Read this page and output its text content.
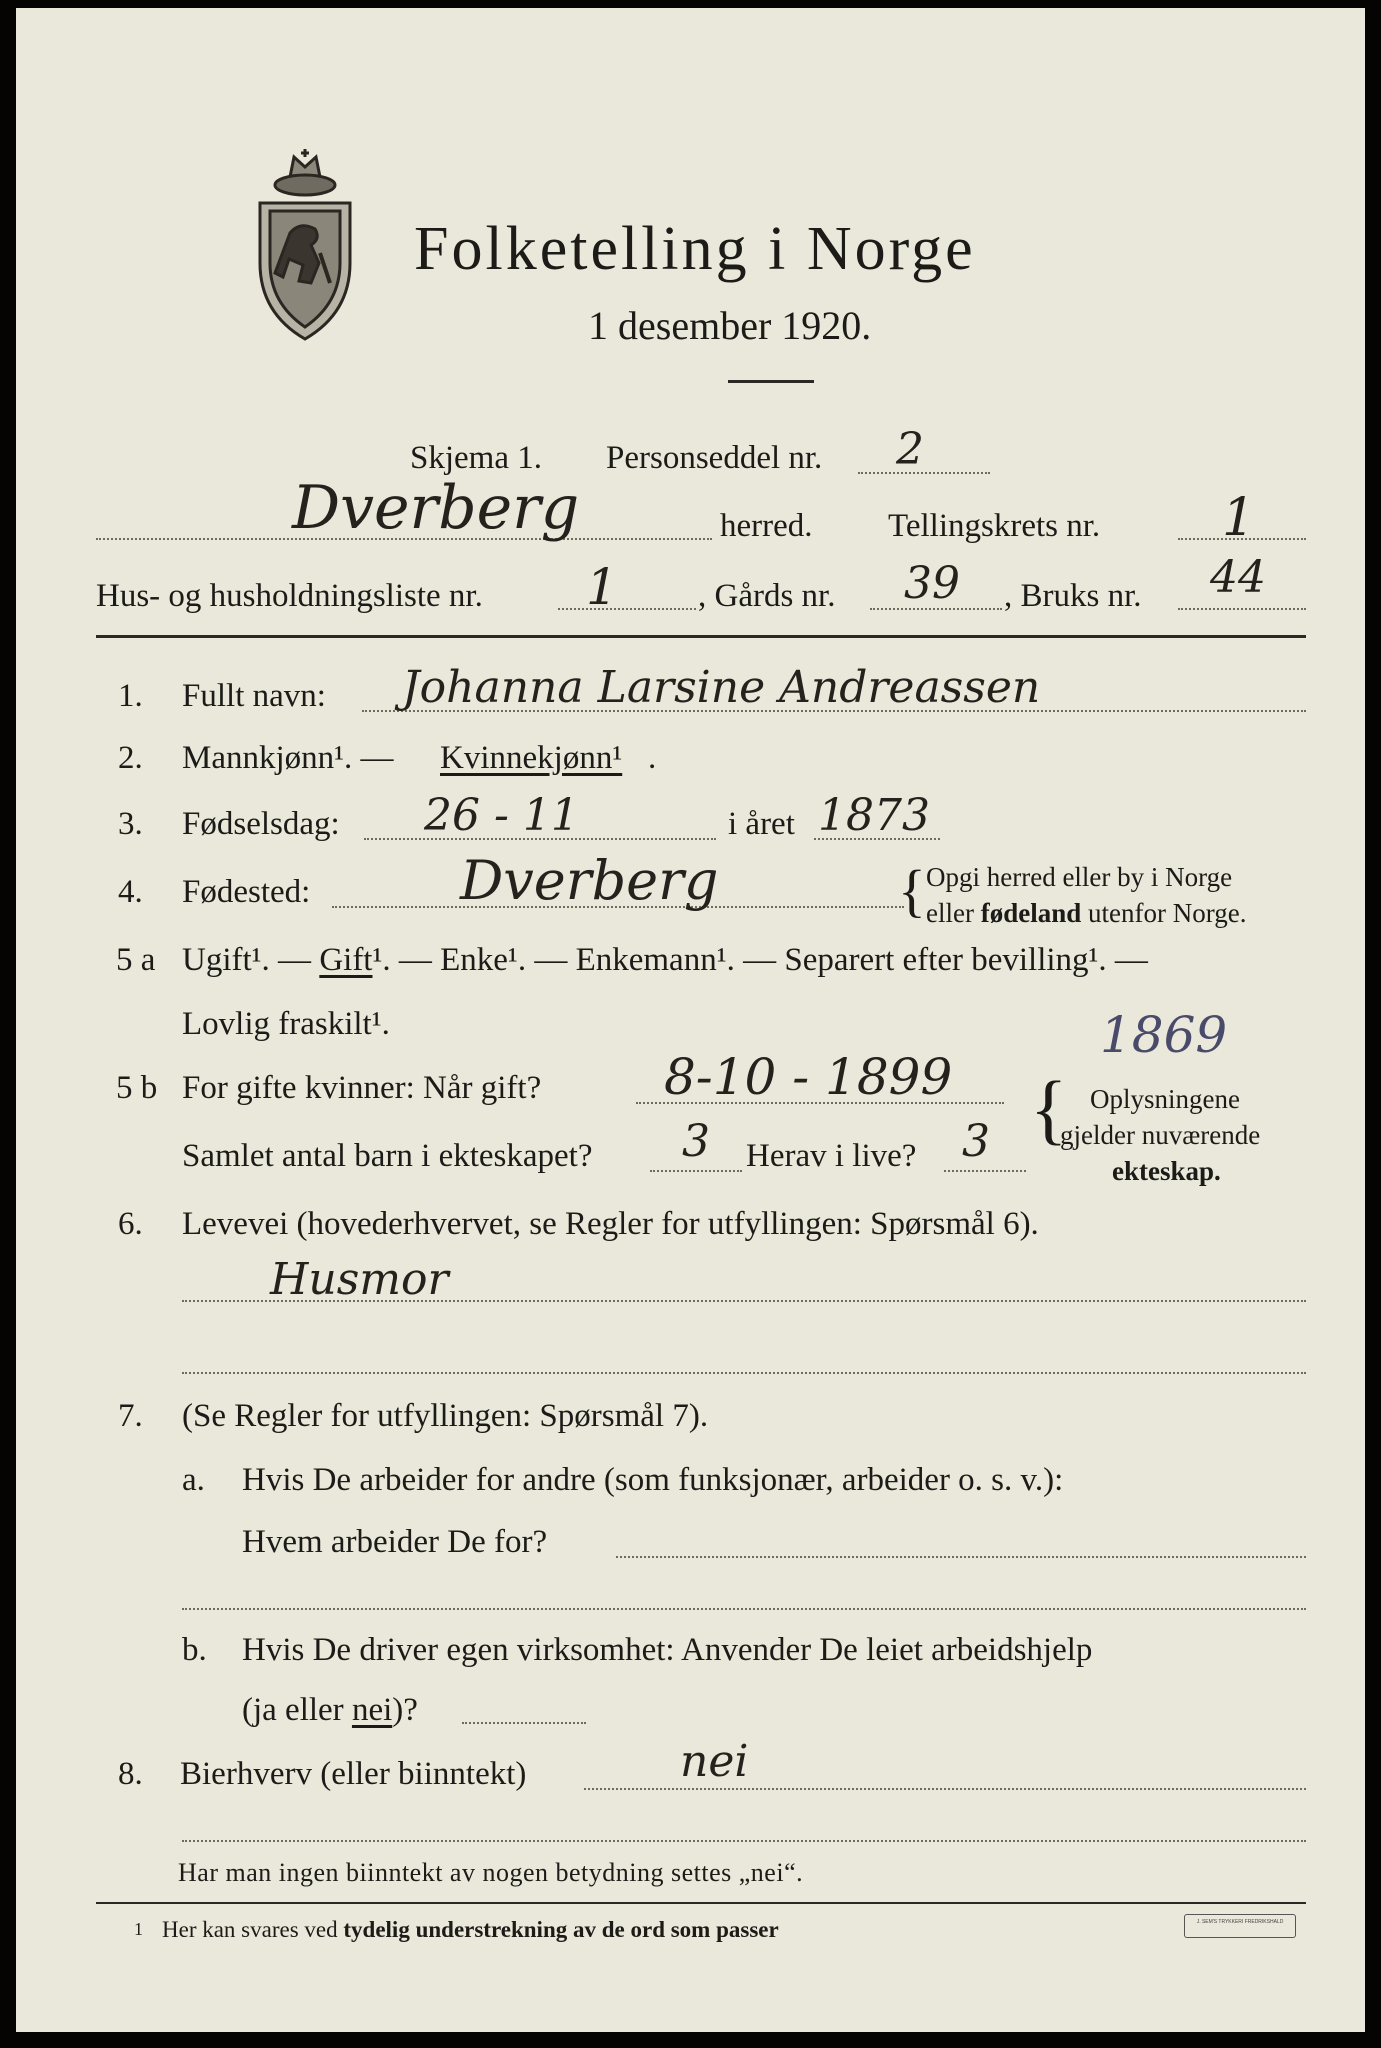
Folketelling i Norge
1 desember 1920.
Skjema 1. Personseddel nr. 2
Dverberg	herred. Tellingskrets nr. 1
Hus- og husholdningsliste nr. 1 , Gårds nr. 39 , Bruks nr. 44
1. Fullt navn: Johanna Larsine Andreassen
2. Mannkjønn¹. — Kvinnekjønn¹ .
3. Fødselsdag: 26 - 11	i året 1873
4. Fødested:	Dverberg	{ Opgi herred eller by i Norge
eller fødeland utenfor Norge.
5 a Ugift¹. — Gift¹. — Enke¹. — Enkemann¹. — Separert efter bevilling¹. —
Lovlig fraskilt¹.
5 b For gifte kvinner: Når gift? 8-10 - 1899
1869
{ Oplysningene
gjelder nuværende
ekteskap.
Samlet antal barn i ekteskapet? 3 Herav i live? 3
6. Levevei (hovederhvervet, se Regler for utfyllingen: Spørsmål 6).
Husmor
7. (Se Regler for utfyllingen: Spørsmål 7).
a. Hvis De arbeider for andre (som funksjonær, arbeider o. s. v.):
Hvem arbeider De for?
b. Hvis De driver egen virksomhet: Anvender De leiet arbeidshjelp
(ja eller nei)?
8. Bierhverv (eller biinntekt)	nei
Har man ingen biinntekt av nogen betydning settes „nei“.
1 Her kan svares ved tydelig understrekning av de ord som passer	J. SEM'S TRYKKERI FREDRIKSHALD
